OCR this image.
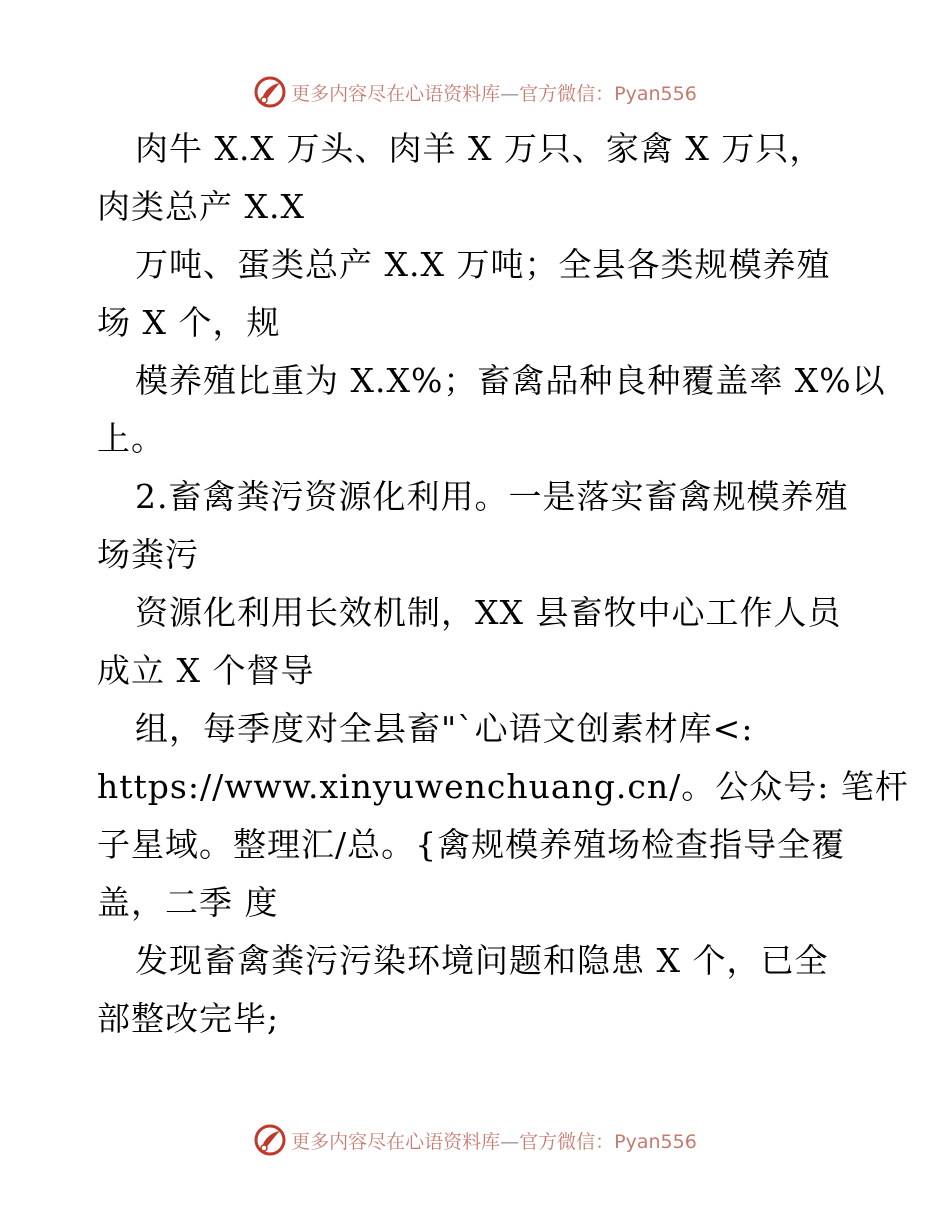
更多内容尽在心语资料库—官方微信：Pyan556
肉牛 X.X 万头、肉羊 X 万只、家禽 X 万只，
肉类总产 X.X
万吨、蛋类总产 X.X 万吨；全县各类规模养殖
场 X 个，规
模养殖比重为 X.X%；畜禽品种良种覆盖率 X%以
上。
2.畜禽粪污资源化利用。一是落实畜禽规模养殖
场粪污
资源化利用长效机制，XX 县畜牧中心工作人员
成立 X 个督导
组，每季度对全县畜"`心语文创素材库<:
https://www.xinyuwenchuang.cn/。公众号: 笔杆
子星域。整理汇/总。{禽规模养殖场检查指导全覆
盖，二季 度
发现畜禽粪污污染环境问题和隐患 X 个，已全
部整改完毕;
更多内容尽在心语资料库—官方微信：Pyan556
